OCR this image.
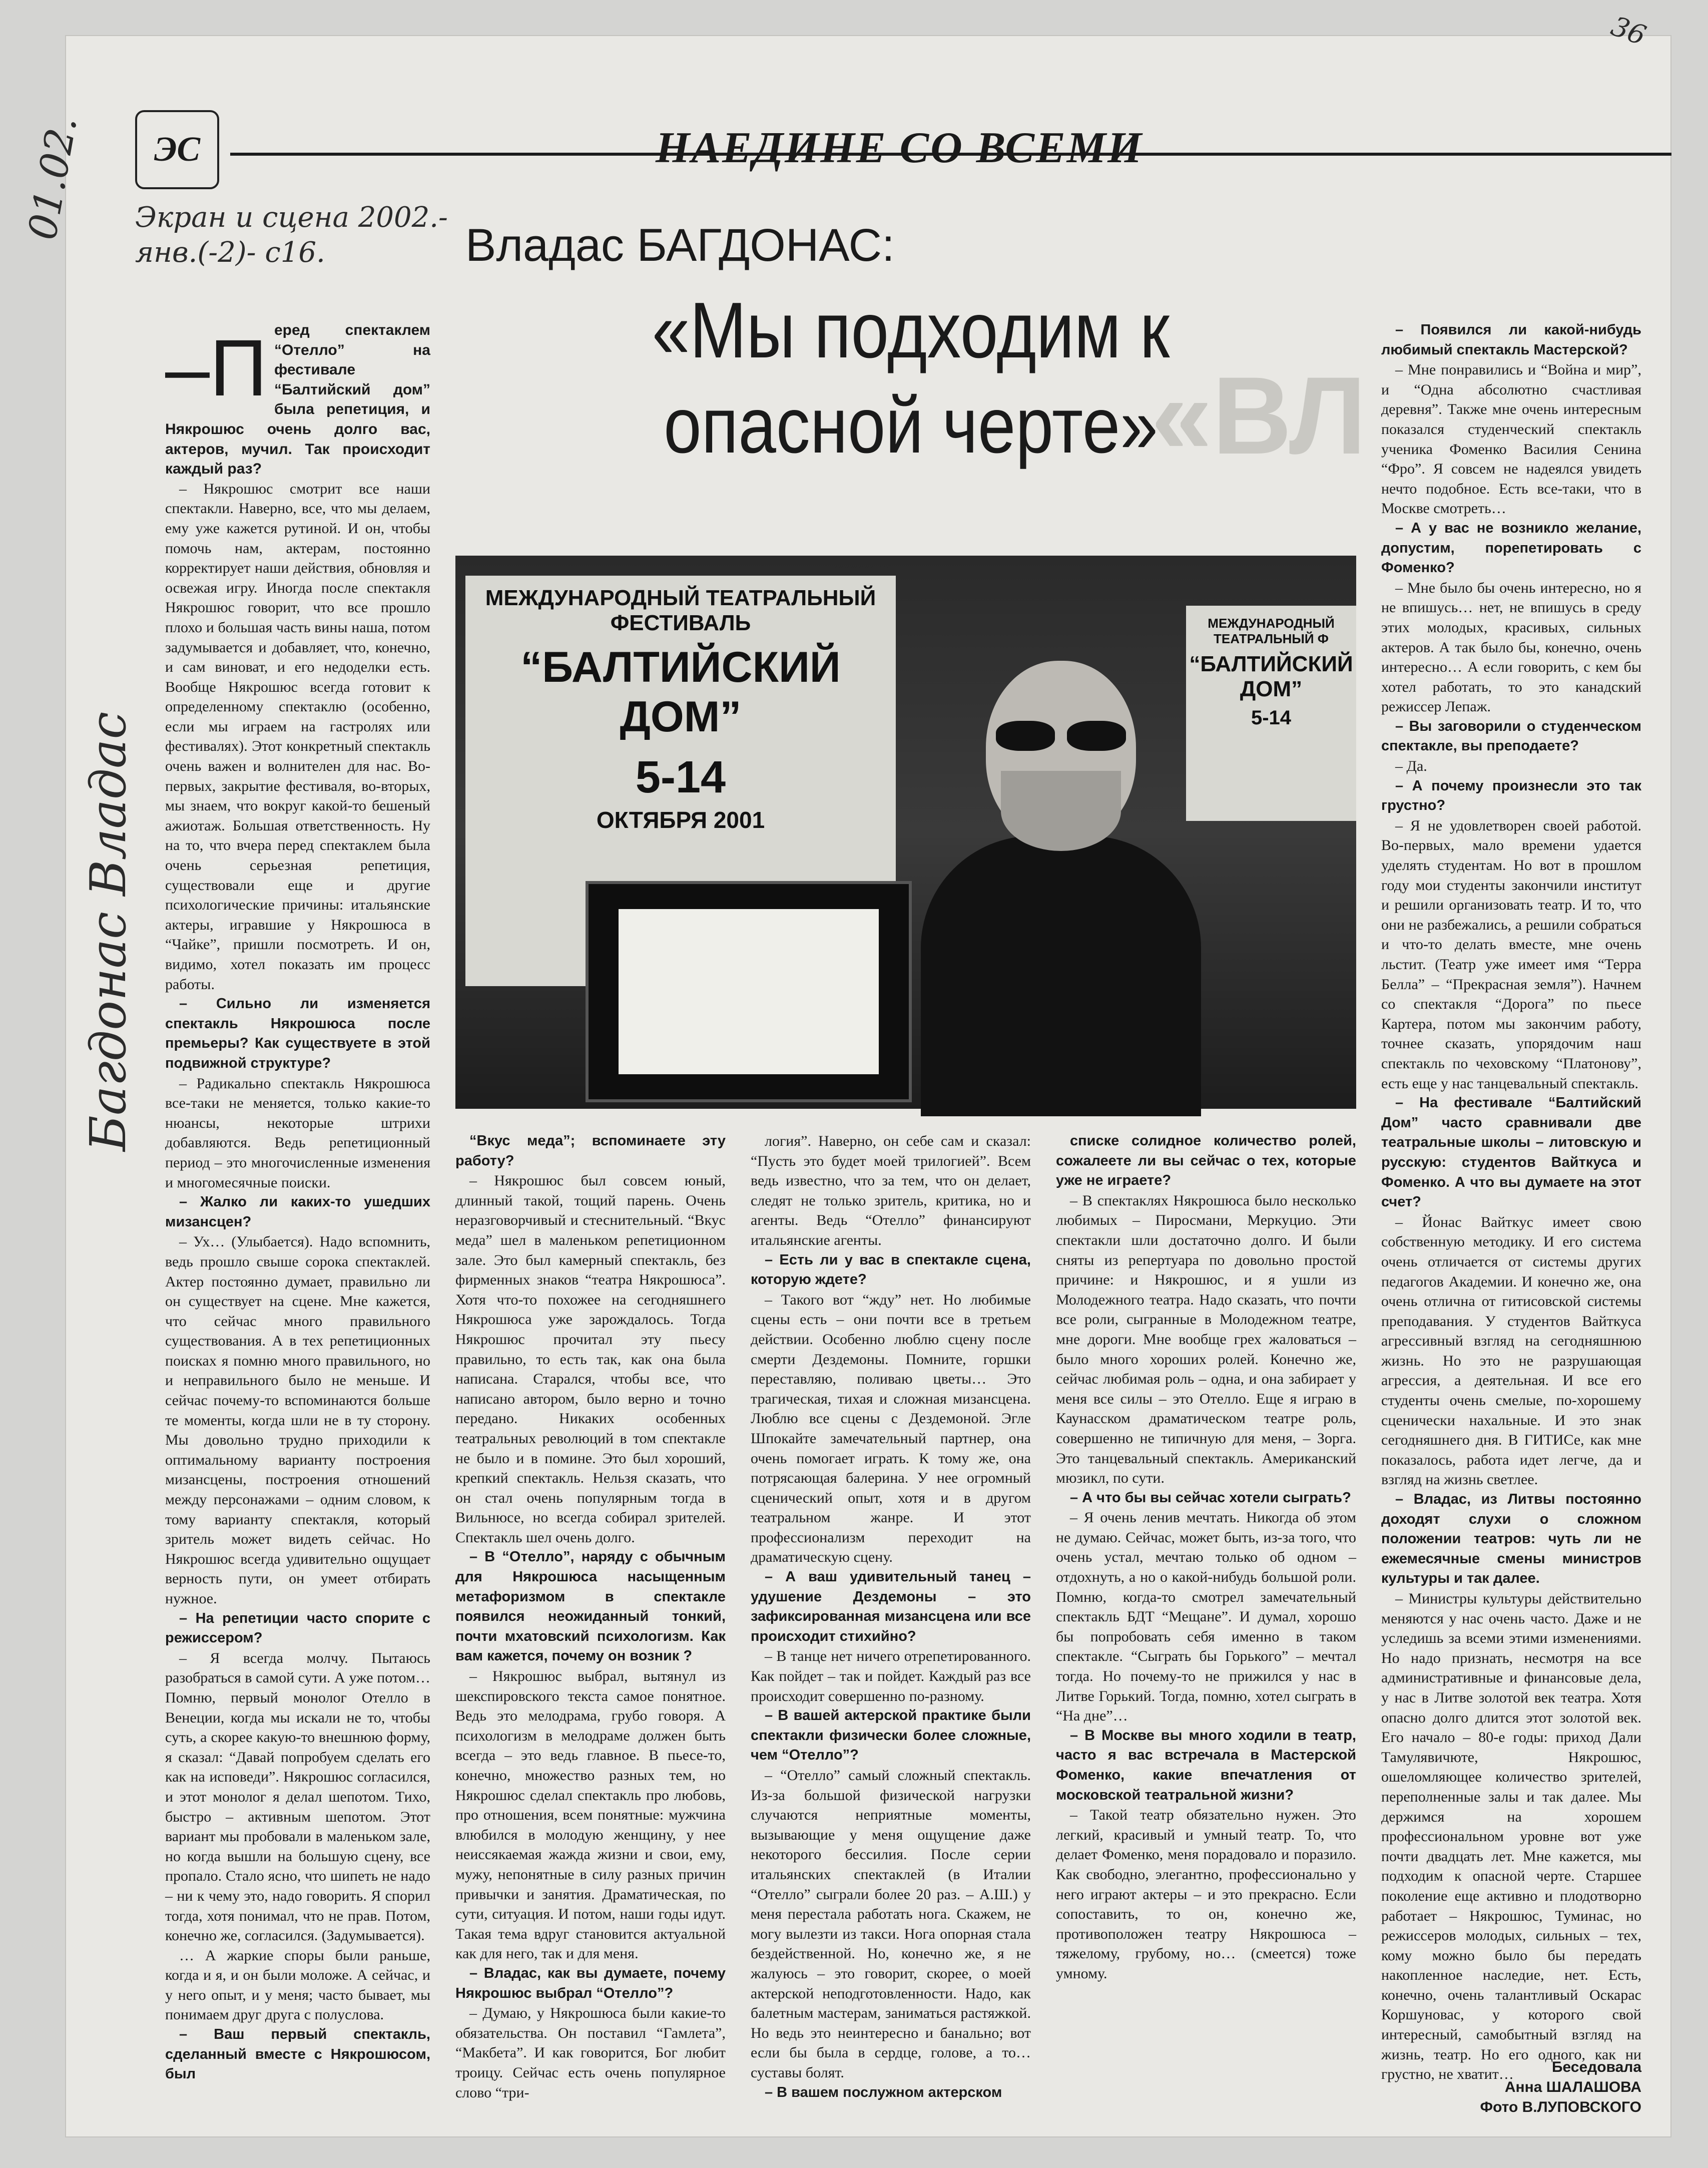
36
01.02. Экран и сцена 2002.-янв.(-2)- с16.
Багдонас Владас
ЭС	НАЕДИНЕ СО ВСЕМИ
«ВЛ
Владас БАГДОНАС:
«Мы подходим к опасной черте»
МЕЖДУНАРОДНЫЙ ТЕАТРАЛЬНЫЙ ФЕСТИВАЛЬ
“БАЛТИЙСКИЙ ДОМ”
5-14
ОКТЯБРЯ 2001
МЕЖДУНАРОДНЫЙ ТЕАТРАЛЬНЫЙ Ф
“БАЛТИЙСКИЙ ДОМ”
5-14
–П еред спектаклем “Отелло” на фестивале “Балтийский дом” была репетиция, и Някрошюс очень долго вас, актеров, мучил. Так происходит каждый раз?

– Някрошюс смотрит все наши спектакли. Наверно, все, что мы делаем, ему уже кажется рутиной. И он, чтобы помочь нам, актерам, постоянно корректирует наши действия, обновляя и освежая игру. Иногда после спектакля Някрошюс говорит, что все прошло плохо и большая часть вины наша, потом задумывается и добавляет, что, конечно, и сам виноват, и его недоделки есть. Вообще Някрошюс всегда готовит к определенному спектаклю (особенно, если мы играем на гастролях или фестивалях). Этот конкретный спектакль очень важен и волнителен для нас. Во-первых, закрытие фестиваля, во-вторых, мы знаем, что вокруг какой-то бешеный ажиотаж. Большая ответственность. Ну на то, что вчера перед спектаклем была очень серьезная репетиция, существовали еще и другие психологические причины: итальянские актеры, игравшие у Някрошюса в “Чайке”, пришли посмотреть. И он, видимо, хотел показать им процесс работы.

– Сильно ли изменяется спектакль Някрошюса после премьеры? Как существуете в этой подвижной структуре?

– Радикально спектакль Някрошюса все-таки не меняется, только какие-то нюансы, некоторые штрихи добавляются. Ведь репетиционный период – это многочисленные изменения и многомесячные поиски.

– Жалко ли каких-то ушедших мизансцен?

– Ух… (Улыбается). Надо вспомнить, ведь прошло свыше сорока спектаклей. Актер постоянно думает, правильно ли он существует на сцене. Мне кажется, что сейчас много правильного существования. А в тех репетиционных поисках я помню много правильного, но и неправильного было не меньше. И сейчас почему-то вспоминаются больше те моменты, когда шли не в ту сторону. Мы довольно трудно приходили к оптимальному варианту построения мизансцены, построения отношений между персонажами – одним словом, к тому варианту спектакля, который зритель может видеть сейчас. Но Някрошюс всегда удивительно ощущает верность пути, он умеет отбирать нужное.

– На репетиции часто спорите с режиссером?

– Я всегда молчу. Пытаюсь разобраться в самой сути. А уже потом… Помню, первый монолог Отелло в Венеции, когда мы искали не то, чтобы суть, а скорее какую-то внешнюю форму, я сказал: “Давай попробуем сделать его как на исповеди”. Някрошюс согласился, и этот монолог я делал шепотом. Тихо, быстро – активным шепотом. Этот вариант мы пробовали в маленьком зале, но когда вышли на большую сцену, все пропало. Стало ясно, что шипеть не надо – ни к чему это, надо говорить. Я спорил тогда, хотя понимал, что не прав. Потом, конечно же, согласился. (Задумывается).

… А жаркие споры были раньше, когда и я, и он были моложе. А сейчас, и у него опыт, и у меня; часто бывает, мы понимаем друг друга с полуслова.

– Ваш первый спектакль, сделанный вместе с Някрошюсом, был

“Вкус меда”; вспоминаете эту работу?

– Някрошюс был совсем юный, длинный такой, тощий парень. Очень неразговорчивый и стеснительный. “Вкус меда” шел в маленьком репетиционном зале. Это был камерный спектакль, без фирменных знаков “театра Някрошюса”. Хотя что-то похожее на сегодняшнего Някрошюса уже зарождалось. Тогда Някрошюс прочитал эту пьесу правильно, то есть так, как она была написана. Старался, чтобы все, что написано автором, было верно и точно передано. Никаких особенных театральных революций в том спектакле не было и в помине. Это был хороший, крепкий спектакль. Нельзя сказать, что он стал очень популярным тогда в Вильнюсе, но всегда собирал зрителей. Спектакль шел очень долго.

– В “Отелло”, наряду с обычным для Някрошюса насыщенным метафоризмом в спектакле появился неожиданный тонкий, почти мхатовский психологизм. Как вам кажется, почему он возник ?

– Някрошюс выбрал, вытянул из шекспировского текста самое понятное. Ведь это мелодрама, грубо говоря. А психологизм в мелодраме должен быть всегда – это ведь главное. В пьесе-то, конечно, множество разных тем, но Някрошюс сделал спектакль про любовь, про отношения, всем понятные: мужчина влюбился в молодую женщину, у нее неиссякаемая жажда жизни и свои, ему, мужу, непонятные в силу разных причин привычки и занятия. Драматическая, по сути, ситуация. И потом, наши годы идут. Такая тема вдруг становится актуальной как для него, так и для меня.

– Владас, как вы думаете, почему Някрошюс выбрал “Отелло”?

– Думаю, у Някрошюса были какие-то обязательства. Он поставил “Гамлета”, “Макбета”. И как говорится, Бог любит троицу. Сейчас есть очень популярное слово “три-

логия”. Наверно, он себе сам и сказал: “Пусть это будет моей трилогией”. Всем ведь известно, что за тем, что он делает, следят не только зритель, критика, но и агенты. Ведь “Отелло” финансируют итальянские агенты.

– Есть ли у вас в спектакле сцена, которую ждете?

– Такого вот “жду” нет. Но любимые сцены есть – они почти все в третьем действии. Особенно люблю сцену после смерти Дездемоны. Помните, горшки переставляю, поливаю цветы… Это трагическая, тихая и сложная мизансцена. Люблю все сцены с Дездемоной. Эгле Шпокайте замечательный партнер, она очень помогает играть. К тому же, она потрясающая балерина. У нее огромный сценический опыт, хотя и в другом театральном жанре. И этот профессионализм переходит на драматическую сцену.

– А ваш удивительный танец – удушение Дездемоны – это зафиксированная мизансцена или все происходит стихийно?

– В танце нет ничего отрепетированного. Как пойдет – так и пойдет. Каждый раз все происходит совершенно по-разному.

– В вашей актерской практике были спектакли физически более сложные, чем “Отелло”?

– “Отелло” самый сложный спектакль. Из-за большой физической нагрузки случаются неприятные моменты, вызывающие у меня ощущение даже некоторого бессилия. После серии итальянских спектаклей (в Италии “Отелло” сыграли более 20 раз. – А.Ш.) у меня перестала работать нога. Скажем, не могу вылезти из такси. Нога опорная стала бездейственной. Но, конечно же, я не жалуюсь – это говорит, скорее, о моей актерской неподготовленности. Надо, как балетным мастерам, заниматься растяжкой. Но ведь это неинтересно и банально; вот если бы была в сердце, голове, а то… суставы болят.

– В вашем послужном актерском

списке солидное количество ролей, сожалеете ли вы сейчас о тех, которые уже не играете?

– В спектаклях Някрошюса было несколько любимых – Пиросмани, Меркуцио. Эти спектакли шли достаточно долго. И были сняты из репертуара по довольно простой причине: и Някрошюс, и я ушли из Молодежного театра. Надо сказать, что почти все роли, сыгранные в Молодежном театре, мне дороги. Мне вообще грех жаловаться – было много хороших ролей. Конечно же, сейчас любимая роль – одна, и она забирает у меня все силы – это Отелло. Еще я играю в Каунасском драматическом театре роль, совершенно не типичную для меня, – Зорга. Это танцевальный спектакль. Американский мюзикл, по сути.

– А что бы вы сейчас хотели сыграть?

– Я очень ленив мечтать. Никогда об этом не думаю. Сейчас, может быть, из-за того, что очень устал, мечтаю только об одном – отдохнуть, а но о какой-нибудь большой роли. Помню, когда-то смотрел замечательный спектакль БДТ “Мещане”. И думал, хорошо бы попробовать себя именно в таком спектакле. “Сыграть бы Горького” – мечтал тогда. Но почему-то не прижился у нас в Литве Горький. Тогда, помню, хотел сыграть в “На дне”…

– В Москве вы много ходили в театр, часто я вас встречала в Мастерской Фоменко, какие впечатления от московской театральной жизни?

– Такой театр обязательно нужен. Это легкий, красивый и умный театр. То, что делает Фоменко, меня порадовало и поразило. Как свободно, элегантно, профессионально у него играют актеры – и это прекрасно. Если сопоставить, то он, конечно же, противоположен театру Някрошюса – тяжелому, грубому, но… (смеется) тоже умному.

– Появился ли какой-нибудь любимый спектакль Мастерской?

– Мне понравились и “Война и мир”, и “Одна абсолютно счастливая деревня”. Также мне очень интересным показался студенческий спектакль ученика Фоменко Василия Сенина “Фро”. Я совсем не надеялся увидеть нечто подобное. Есть все-таки, что в Москве смотреть…

– А у вас не возникло желание, допустим, порепетировать с Фоменко?

– Мне было бы очень интересно, но я не впишусь… нет, не впишусь в среду этих молодых, красивых, сильных актеров. А так было бы, конечно, очень интересно… А если говорить, с кем бы хотел работать, то это канадский режиссер Лепаж.

– Вы заговорили о студенческом спектакле, вы преподаете?

– Да.

– А почему произнесли это так грустно?

– Я не удовлетворен своей работой. Во-первых, мало времени удается уделять студентам. Но вот в прошлом году мои студенты закончили институт и решили организовать театр. И то, что они не разбежались, а решили собраться и что-то делать вместе, мне очень льстит. (Театр уже имеет имя “Терра Белла” – “Прекрасная земля”). Начнем со спектакля “Дорога” по пьесе Картера, потом мы закончим работу, точнее сказать, упорядочим наш спектакль по чеховскому “Платонову”, есть еще у нас танцевальный спектакль.

– На фестивале “Балтийский Дом” часто сравнивали две театральные школы – литовскую и русскую: студентов Вайткуса и Фоменко. А что вы думаете на этот счет?

– Йонас Вайткус имеет свою собственную методику. И его система очень отличается от системы других педагогов Академии. И конечно же, она очень отлична от гитисовской системы преподавания. У студентов Вайткуса агрессивный взгляд на сегодняшнюю жизнь. Но это не разрушающая агрессия, а деятельная. И все его студенты очень смелые, по-хорошему сценически нахальные. И это знак сегодняшнего дня. В ГИТИСе, как мне показалось, работа идет легче, да и взгляд на жизнь светлее.

– Владас, из Литвы постоянно доходят слухи о сложном положении театров: чуть ли не ежемесячные смены министров культуры и так далее.

– Министры культуры действительно меняются у нас очень часто. Даже и не уследишь за всеми этими изменениями. Но надо признать, несмотря на все административные и финансовые дела, у нас в Литве золотой век театра. Хотя опасно долго длится этот золотой век. Его начало – 80-е годы: приход Дали Тамулявичюте, Някрошюс, ошеломляющее количество зрителей, переполненные залы и так далее. Мы держимся на хорошем профессиональном уровне вот уже почти двадцать лет. Мне кажется, мы подходим к опасной черте. Старшее поколение еще активно и плодотворно работает – Някрошюс, Туминас, но режиссеров молодых, сильных – тех, кому можно было бы передать накопленное наследие, нет. Есть, конечно, очень талантливый Оскарас Коршуновас, у которого свой интересный, самобытный взгляд на жизнь, театр. Но его одного, как ни грустно, не хватит…	Беседовала
Анна ШАЛАШОВА
Фото В.ЛУПОВСКОГО
